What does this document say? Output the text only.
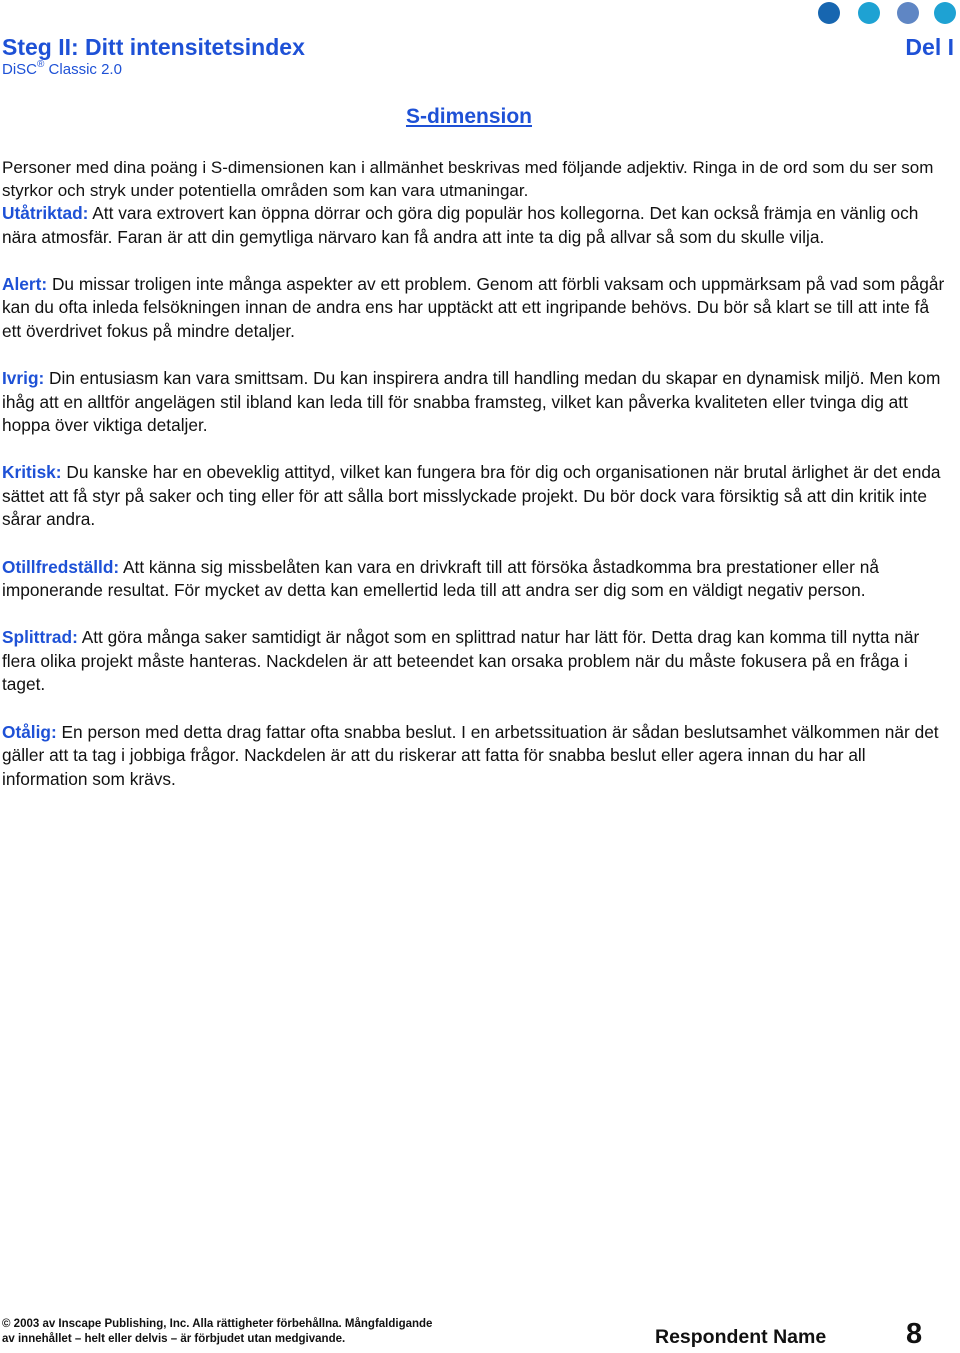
Steg II: Ditt intensitetsindex	Del I
DiSC® Classic 2.0
S-dimension

Personer med dina poäng i S-dimensionen kan i allmänhet beskrivas med följande adjektiv. Ringa in de ord som du ser som styrkor och stryk under potentiella områden som kan vara utmaningar.

Utåtriktad: Att vara extrovert kan öppna dörrar och göra dig populär hos kollegorna. Det kan också främja en vänlig och nära atmosfär. Faran är att din gemytliga närvaro kan få andra att inte ta dig på allvar så som du skulle vilja.

Alert: Du missar troligen inte många aspekter av ett problem. Genom att förbli vaksam och uppmärksam på vad som pågår kan du ofta inleda felsökningen innan de andra ens har upptäckt att ett ingripande behövs. Du bör så klart se till att inte få ett överdrivet fokus på mindre detaljer.

Ivrig: Din entusiasm kan vara smittsam. Du kan inspirera andra till handling medan du skapar en dynamisk miljö. Men kom ihåg att en alltför angelägen stil ibland kan leda till för snabba framsteg, vilket kan påverka kvaliteten eller tvinga dig att hoppa över viktiga detaljer.

Kritisk: Du kanske har en obeveklig attityd, vilket kan fungera bra för dig och organisationen när brutal ärlighet är det enda sättet att få styr på saker och ting eller för att sålla bort misslyckade projekt. Du bör dock vara försiktig så att din kritik inte sårar andra.

Otillfredställd: Att känna sig missbelåten kan vara en drivkraft till att försöka åstadkomma bra prestationer eller nå imponerande resultat. För mycket av detta kan emellertid leda till att andra ser dig som en väldigt negativ person.

Splittrad: Att göra många saker samtidigt är något som en splittrad natur har lätt för. Detta drag kan komma till nytta när flera olika projekt måste hanteras. Nackdelen är att beteendet kan orsaka problem när du måste fokusera på en fråga i taget.

Otålig: En person med detta drag fattar ofta snabba beslut. I en arbetssituation är sådan beslutsamhet välkommen när det gäller att ta tag i jobbiga frågor. Nackdelen är att du riskerar att fatta för snabba beslut eller agera innan du har all information som krävs.

© 2003 av Inscape Publishing, Inc. Alla rättigheter förbehållna. Mångfaldigande
av innehållet – helt eller delvis – är förbjudet utan medgivande.	Respondent Name	8
